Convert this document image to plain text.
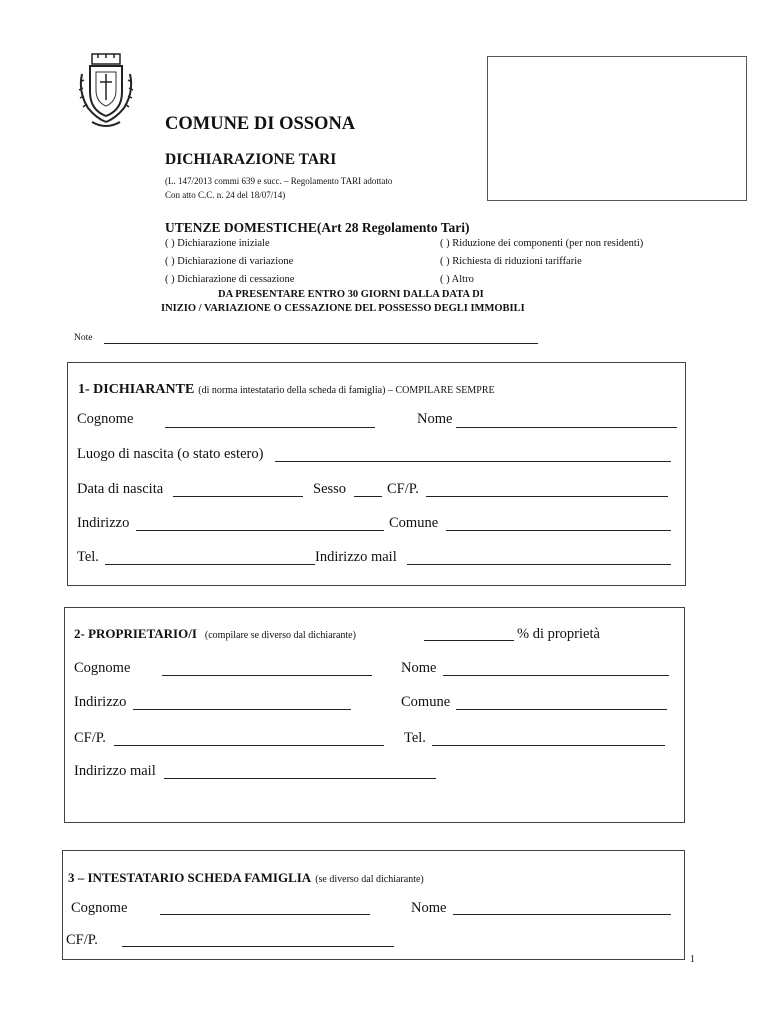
COMUNE DI OSSONA
DICHIARAZIONE TARI
(L. 147/2013 commi 639 e succ. – Regolamento TARI adottato
Con atto C.C. n. 24 del 18/07/14)
UTENZE DOMESTICHE(Art 28 Regolamento Tari)
( ) Dichiarazione iniziale
( ) Dichiarazione di variazione
( ) Dichiarazione di cessazione
( ) Riduzione dei componenti (per non residenti)
( ) Richiesta di riduzioni tariffarie
( ) Altro
DA PRESENTARE ENTRO 30 GIORNI DALLA DATA DI
INIZIO / VARIAZIONE O CESSAZIONE DEL POSSESSO DEGLI IMMOBILI
Note
1- DICHIARANTE (di norma intestatario della scheda di famiglia) – COMPILARE SEMPRE
Cognome	Nome
Luogo di nascita (o stato estero)
Data di nascita	Sesso	CF/P.
Indirizzo	Comune
Tel.	Indirizzo mail
2- PROPRIETARIO/I (compilare se diverso dal dichiarante)	% di proprietà
Cognome	Nome
Indirizzo	Comune
CF/P.	Tel.
Indirizzo mail
3 – INTESTATARIO SCHEDA FAMIGLIA (se diverso dal dichiarante)
Cognome	Nome
CF/P.
1
